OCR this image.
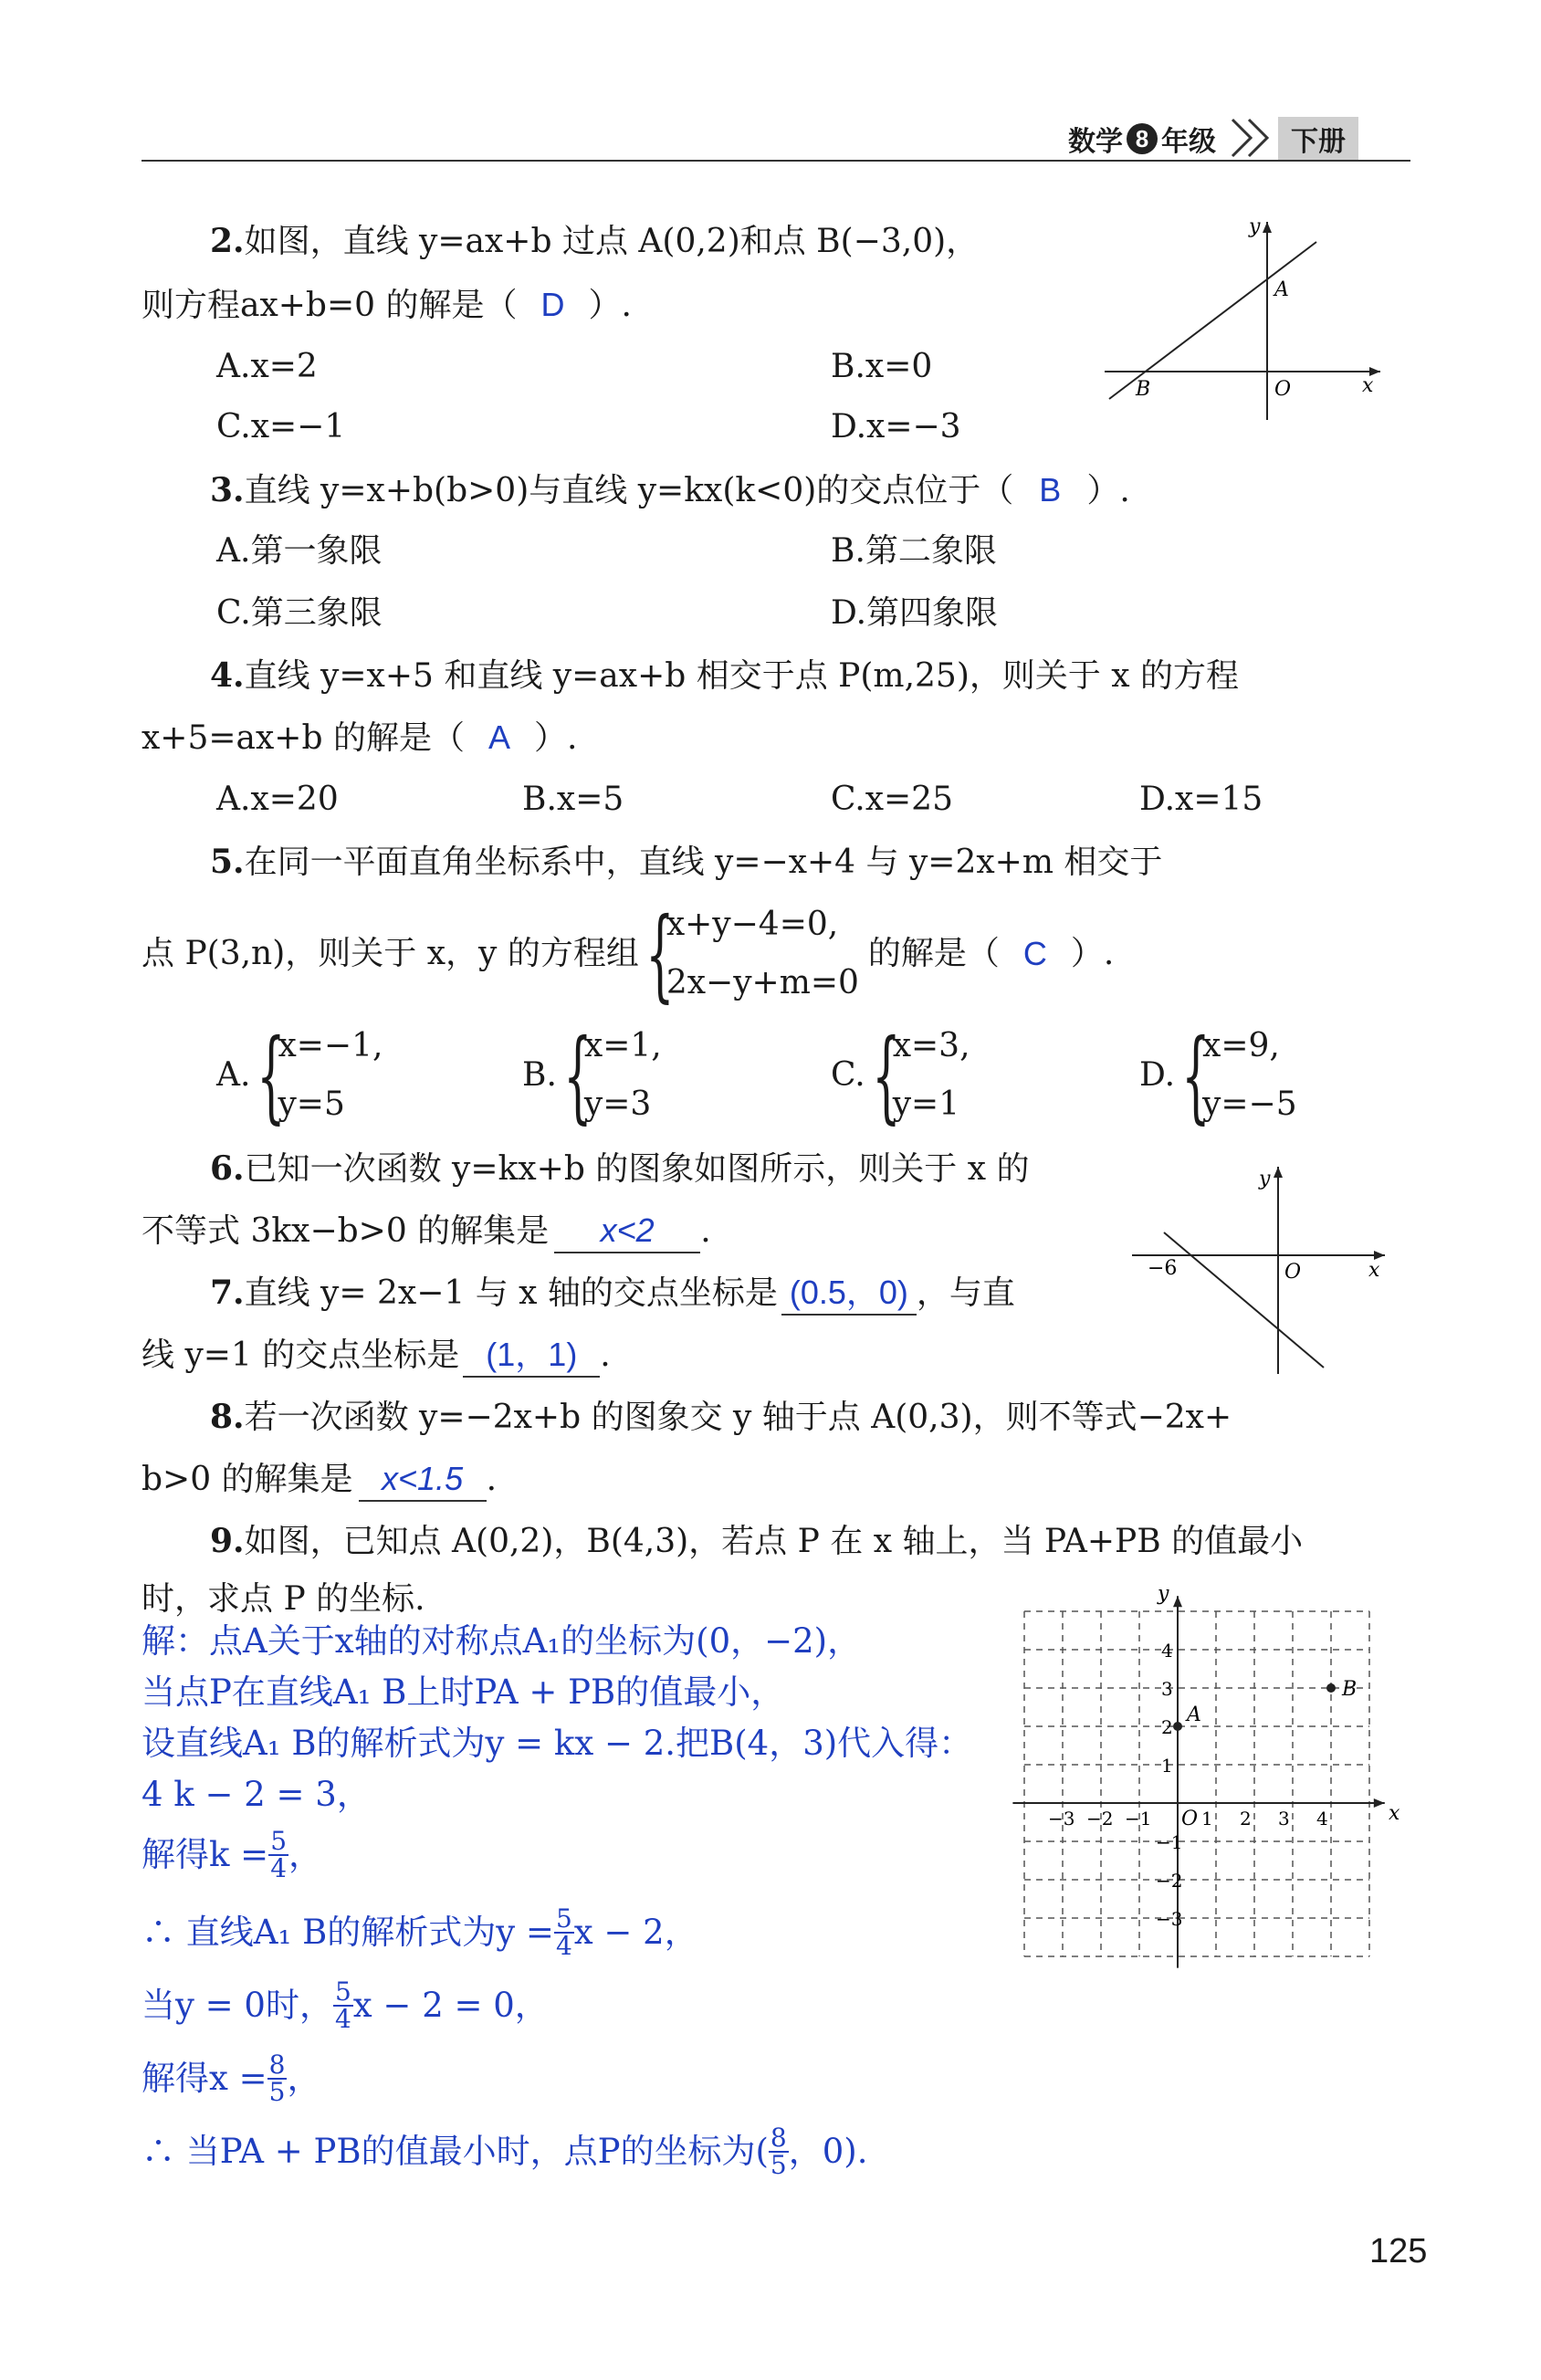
数学 8 年级	下册
2.如图，直线 y=ax+b 过点 A(0,2)和点 B(−3,0)，
则方程ax+b=0 的解是（ D ）.
A.x=2	B.x=0
C.x=−1	D.x=−3
y
x
A
B	O
3.直线 y=x+b(b>0)与直线 y=kx(k<0)的交点位于（ B ）.
A.第一象限	B.第二象限
C.第三象限	D.第四象限
4.直线 y=x+5 和直线 y=ax+b 相交于点 P(m,25)，则关于 x 的方程
x+5=ax+b 的解是（ A ）.
A.x=20	B.x=5	C.x=25	D.x=15
5.在同一平面直角坐标系中，直线 y=−x+4 与 y=2x+m 相交于
点 P(3,n)，则关于 x，y 的方程组 {
x+y−4=0,
2x−y+m=0
的解是（ C ）.
A. {
x=−1,
y=5
B. {
x=1,
y=3
C. {
x=3,
y=1
D. {
x=9,
y=−5
6.已知一次函数 y=kx+b 的图象如图所示，则关于 x 的
不等式 3kx−b>0 的解集是 x<2 .
y
x
O
−6
7.直线 y= 2x−1 与 x 轴的交点坐标是 (0.5，0) ，与直
线 y=1 的交点坐标是 (1，1) .
8.若一次函数 y=−2x+b 的图象交 y 轴于点 A(0,3)，则不等式−2x+
b>0 的解集是 x<1.5 .
9.如图，已知点 A(0,2)，B(4,3)，若点 P 在 x 轴上，当 PA+PB 的值最小
时，求点 P 的坐标.
−3 −2 −1	1 2 3 4
4
3
2
1
−1
−2
−3
O	x
y
A
B
解：点A关于x轴的对称点A₁的坐标为(0，−2)，
当点P在直线A₁ B上时PA + PB的值最小，
设直线A₁ B的解析式为y = kx − 2.把B(4，3)代入得：
4 k − 2 = 3，
解得$k = \frac{5}{4}$ ，
∴ 直线A₁ B的解析式为$y = \frac{5}{4}$ x − 2，
当y = 0时， $\frac{5}{4}$ x − 2 = 0，
解得$x = \frac{8}{5}$ ，
∴ 当PA + PB的值最小时，点P的坐标为( $\frac{8}{5}$ ，0).
125
